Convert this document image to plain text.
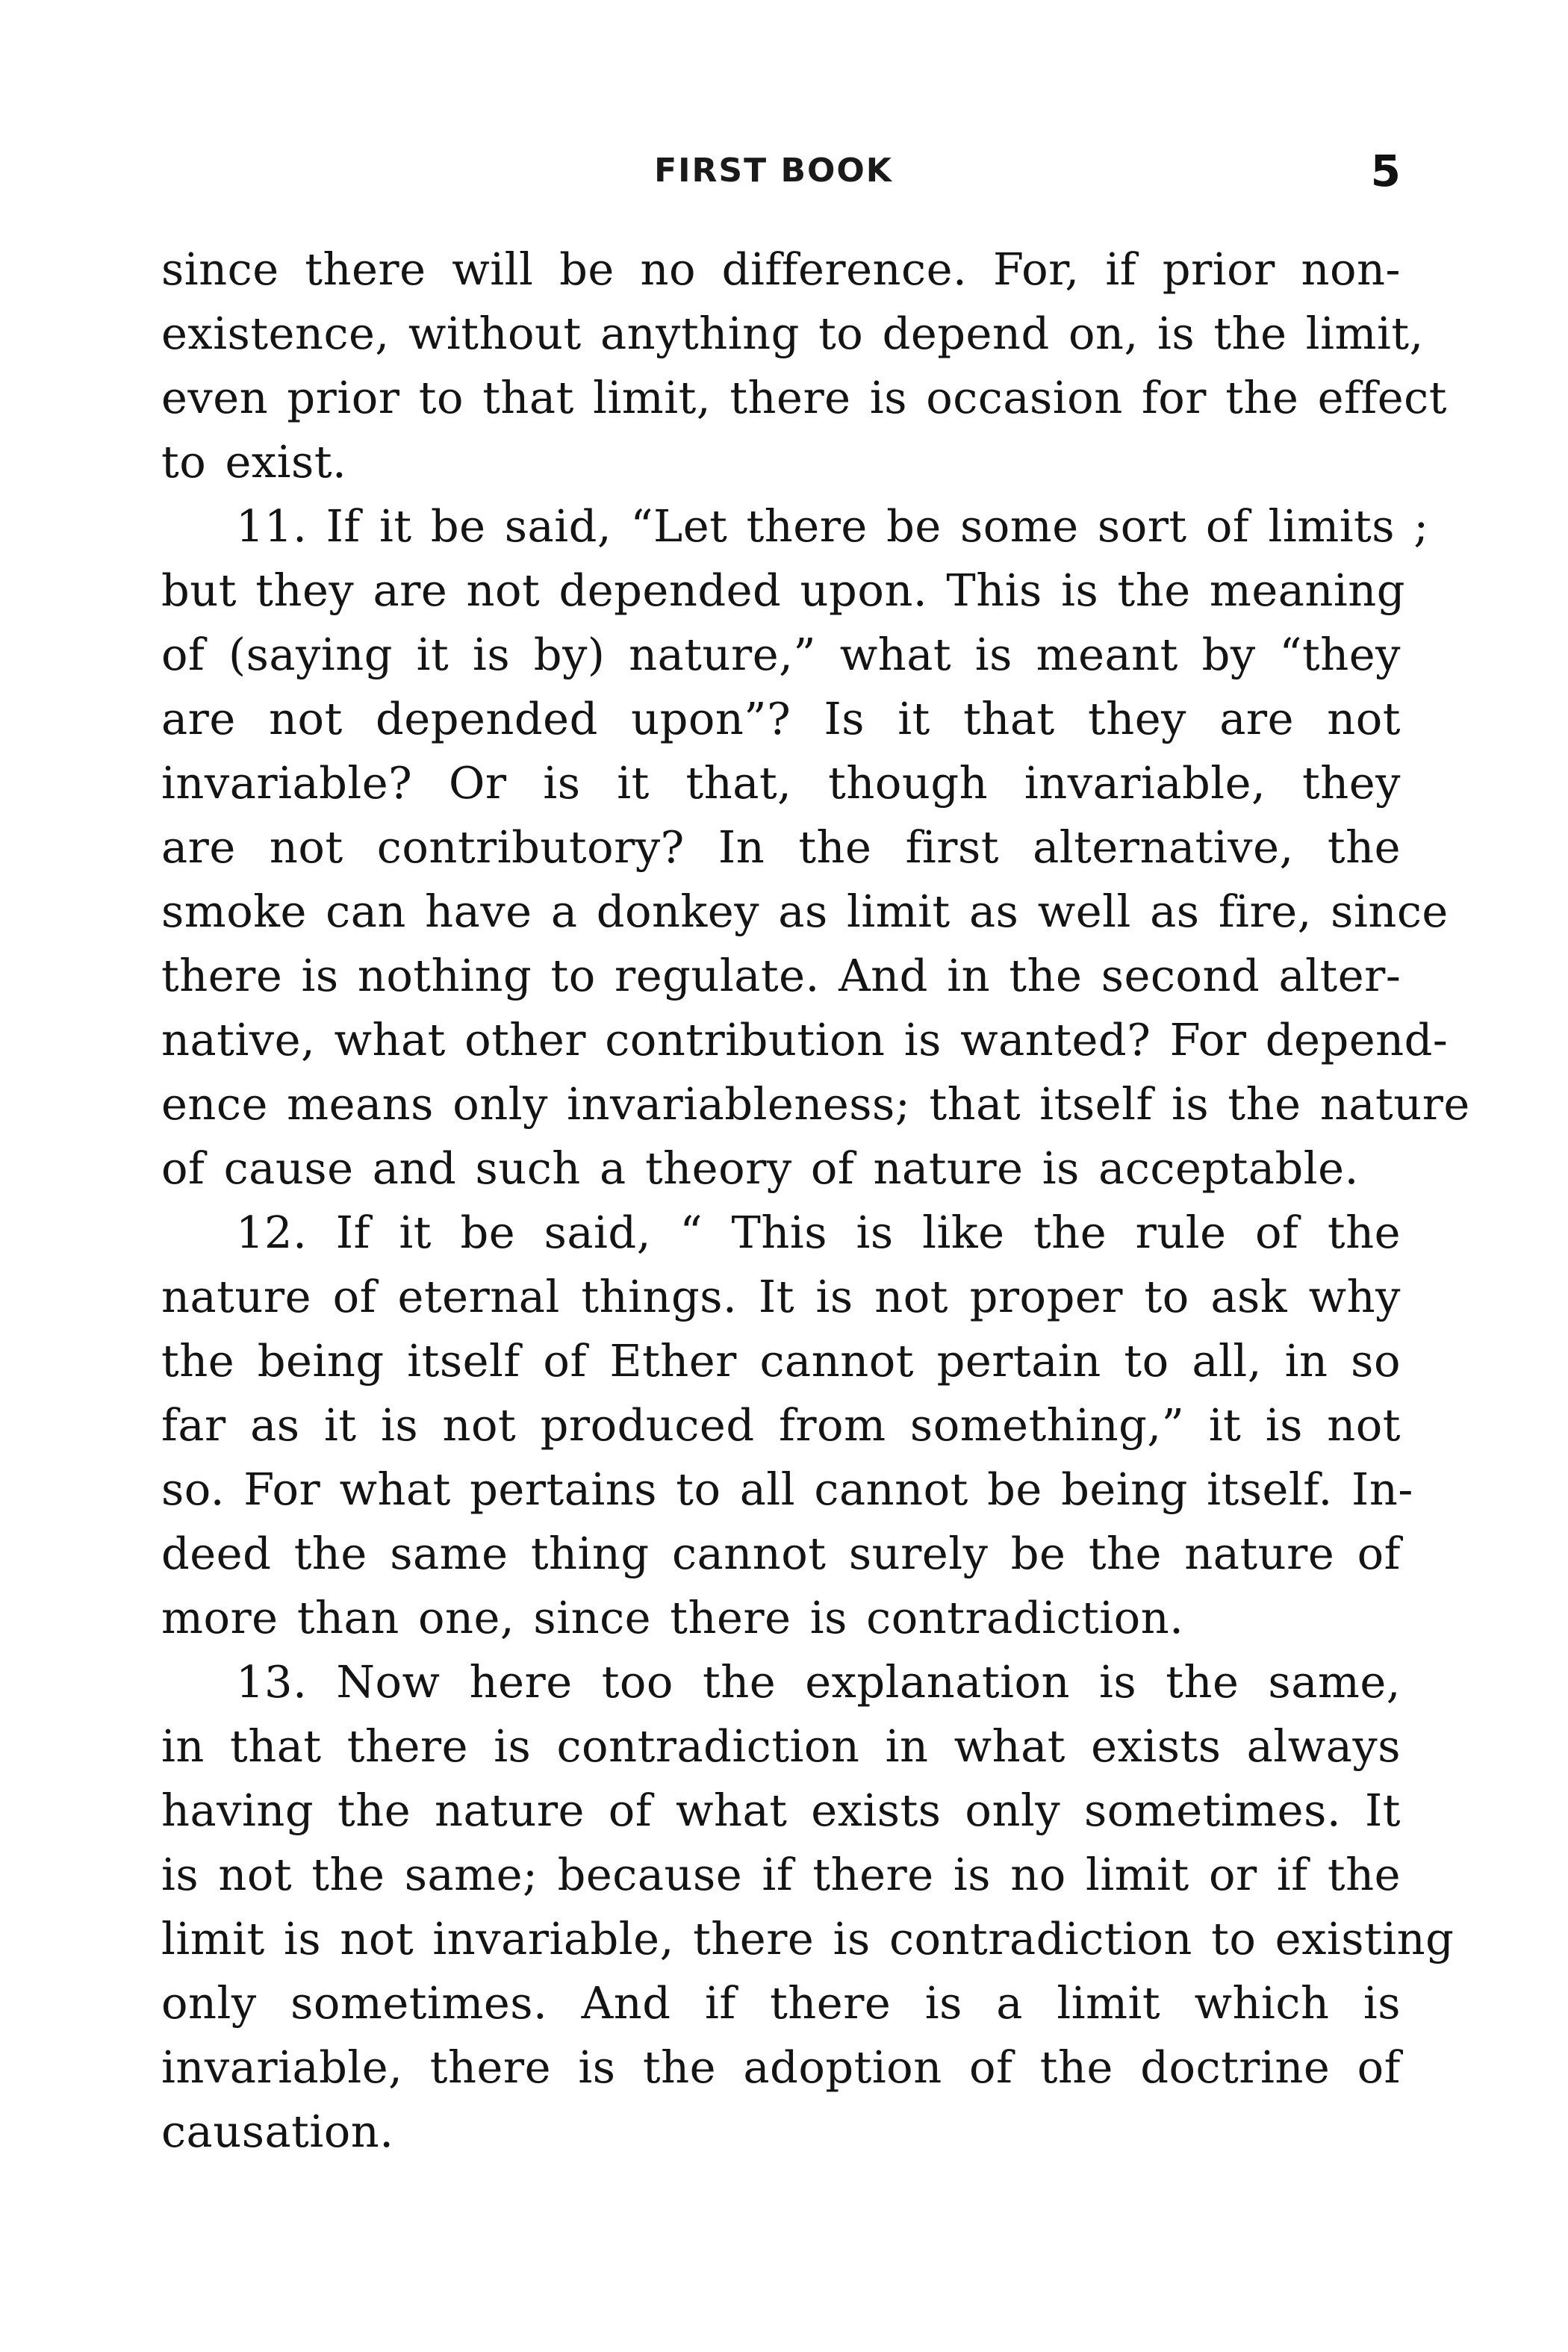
FIRST BOOK	5
since there will be no difference. For, if prior non-
existence, without anything to depend on, is the limit,
even prior to that limit, there is occasion for the effect
to exist.
11. If it be said, “Let there be some sort of limits ;
but they are not depended upon. This is the meaning
of (saying it is by) nature,” what is meant by “they
are not depended upon”? Is it that they are not
invariable? Or is it that, though invariable, they
are not contributory? In the first alternative, the
smoke can have a donkey as limit as well as fire, since
there is nothing to regulate. And in the second alter-
native, what other contribution is wanted? For depend-
ence means only invariableness; that itself is the nature
of cause and such a theory of nature is acceptable.
12. If it be said, “ This is like the rule of the
nature of eternal things. It is not proper to ask why
the being itself of Ether cannot pertain to all, in so
far as it is not produced from something,” it is not
so. For what pertains to all cannot be being itself. In-
deed the same thing cannot surely be the nature of
more than one, since there is contradiction.
13. Now here too the explanation is the same,
in that there is contradiction in what exists always
having the nature of what exists only sometimes. It
is not the same; because if there is no limit or if the
limit is not invariable, there is contradiction to existing
only sometimes. And if there is a limit which is
invariable, there is the adoption of the doctrine of
causation.
